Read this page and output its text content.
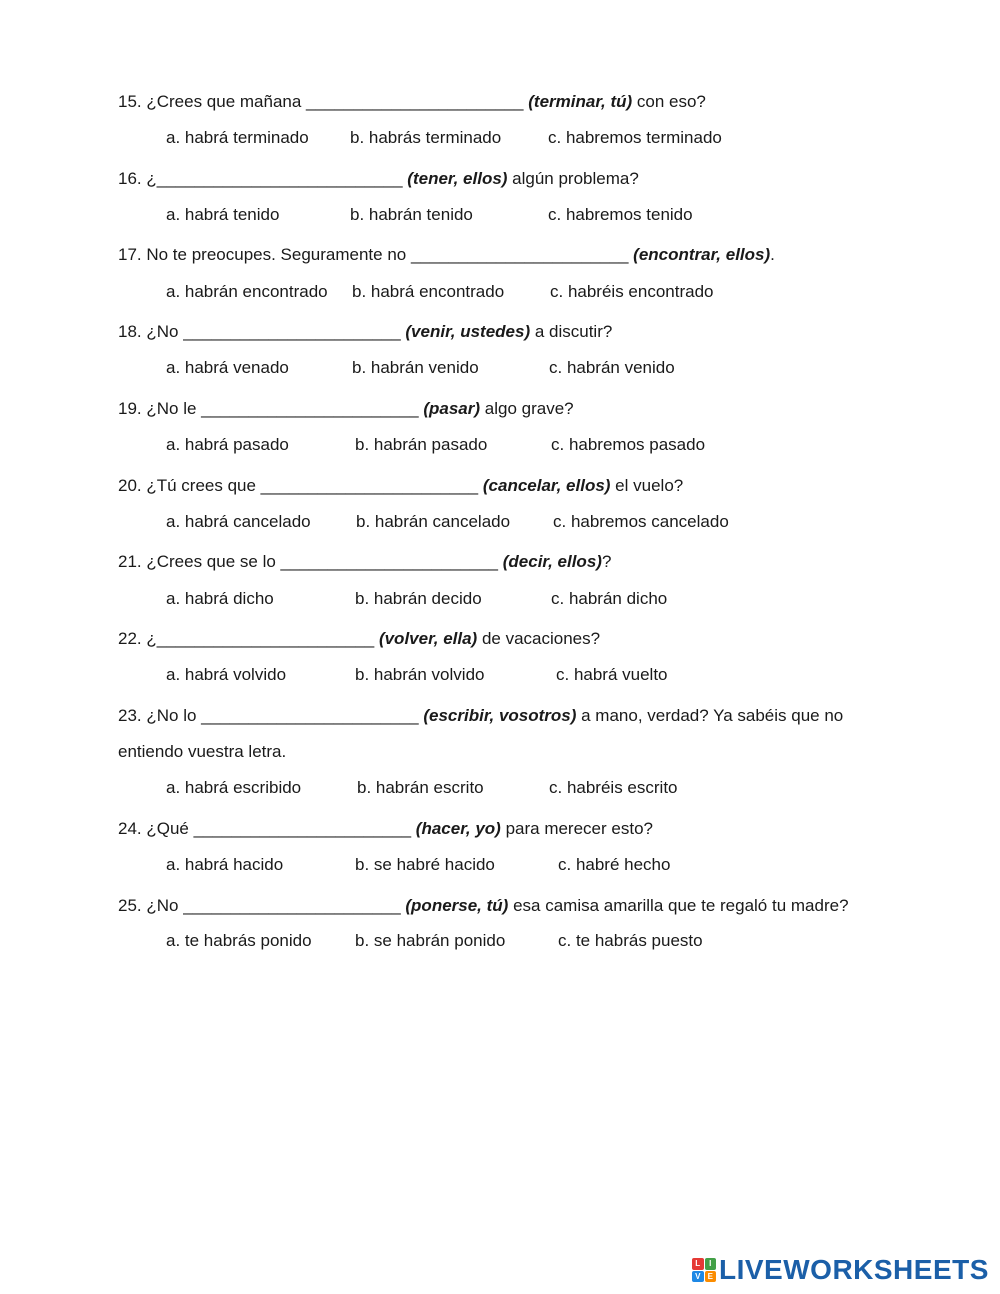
15. ¿Crees que mañana _______________________ (terminar, tú) con eso?
a. habrá terminado b. habrás terminado	c. habremos terminado
16. ¿__________________________ (tener, ellos) algún problema?
a. habrá tenido	b. habrán tenido	c. habremos tenido
17. No te preocupes. Seguramente no _______________________ (encontrar, ellos).
a. habrán encontrado b. habrá encontrado	c. habréis encontrado
18. ¿No _______________________ (venir, ustedes) a discutir?
a. habrá venado	b. habrán venido	c. habrán venido
19. ¿No le _______________________ (pasar) algo grave?
a. habrá pasado	b. habrán pasado	c. habremos pasado
20. ¿Tú crees que _______________________ (cancelar, ellos) el vuelo?
a. habrá cancelado	b. habrán cancelado	c. habremos cancelado
21. ¿Crees que se lo _______________________ (decir, ellos)?
a. habrá dicho	b. habrán decido	c. habrán dicho
22. ¿_______________________ (volver, ella) de vacaciones?
a. habrá volvido	b. habrán volvido	c. habrá vuelto
23. ¿No lo _______________________ (escribir, vosotros) a mano, verdad? Ya sabéis que no
entiendo vuestra letra.
a. habrá escribido	b. habrán escrito	c. habréis escrito
24. ¿Qué _______________________ (hacer, yo) para merecer esto?
a. habrá hacido	b. se habré hacido	c. habré hecho
25. ¿No _______________________ (ponerse, tú) esa camisa amarilla que te regaló tu madre?
a. te habrás ponido	b. se habrán ponido	c. te habrás puesto
L	I
V E LIVEWORKSHEETS
